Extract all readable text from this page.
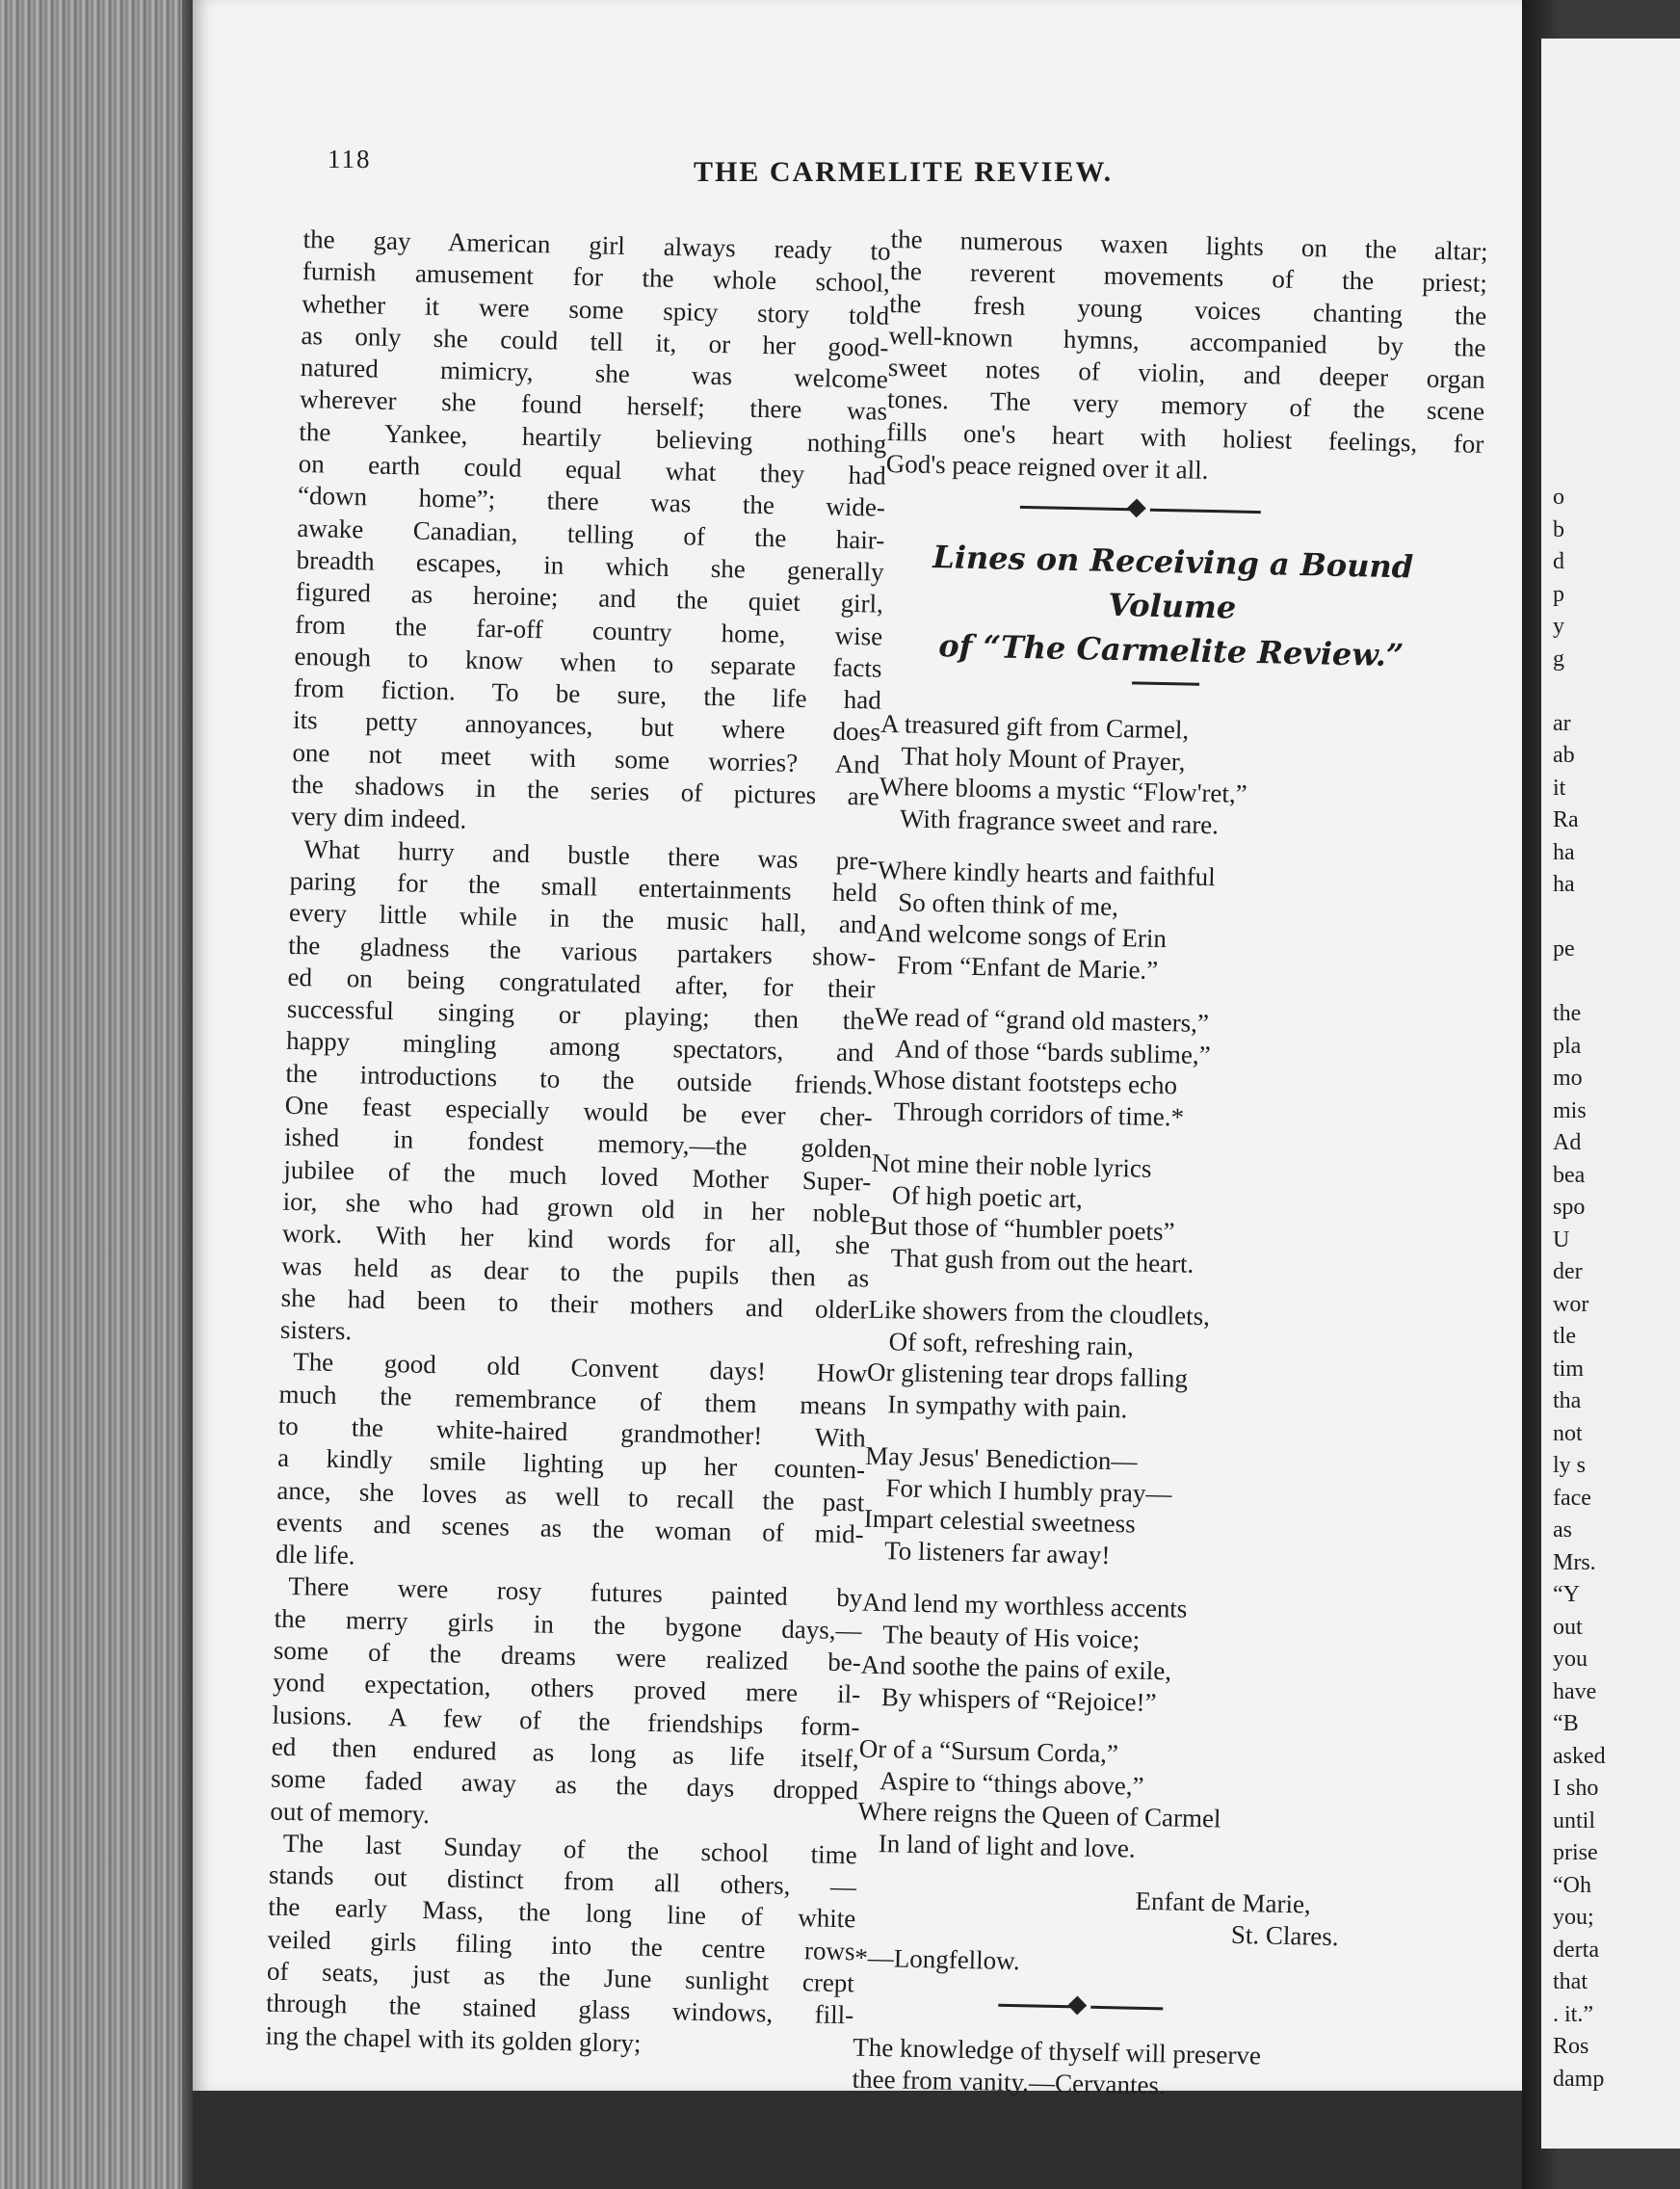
118	THE CARMELITE REVIEW.
the gay American girl always ready to
furnish amusement for the whole school,
whether it were some spicy story told
as only she could tell it, or her good-
natured mimicry, she was welcome
wherever she found herself; there was
the Yankee, heartily believing nothing
on earth could equal what they had
“down home”; there was the wide-
awake Canadian, telling of the hair-
breadth escapes, in which she generally
figured as heroine; and the quiet girl,
from the far-off country home, wise
enough to know when to separate facts
from fiction. To be sure, the life had
its petty annoyances, but where does
one not meet with some worries? And
the shadows in the series of pictures are
very dim indeed.
What hurry and bustle there was pre-
paring for the small entertainments held
every little while in the music hall, and
the gladness the various partakers show-
ed on being congratulated after, for their
successful singing or playing; then the
happy mingling among spectators, and
the introductions to the outside friends.
One feast especially would be ever cher-
ished in fondest memory,—the golden
jubilee of the much loved Mother Super-
ior, she who had grown old in her noble
work. With her kind words for all, she
was held as dear to the pupils then as
she had been to their mothers and older
sisters.
The good old Convent days! How
much the remembrance of them means
to the white-haired grandmother! With
a kindly smile lighting up her counten-
ance, she loves as well to recall the past
events and scenes as the woman of mid-
dle life.
There were rosy futures painted by
the merry girls in the bygone days,—
some of the dreams were realized be-
yond expectation, others proved mere il-
lusions. A few of the friendships form-
ed then endured as long as life itself,
some faded away as the days dropped
out of memory.
The last Sunday of the school time
stands out distinct from all others, —
the early Mass, the long line of white
veiled girls filing into the centre rows
of seats, just as the June sunlight crept
through the stained glass windows, fill-
ing the chapel with its golden glory;
the numerous waxen lights on the altar;
the reverent movements of the priest;
the fresh young voices chanting the
well-known hymns, accompanied by the
sweet notes of violin, and deeper organ
tones. The very memory of the scene
fills one's heart with holiest feelings, for
God's peace reigned over it all.
Lines on Receiving a Bound Volume
of “The Carmelite Review.”
A treasured gift from Carmel,
That holy Mount of Prayer,
Where blooms a mystic “Flow'ret,”
With fragrance sweet and rare.
Where kindly hearts and faithful
So often think of me,
And welcome songs of Erin
From “Enfant de Marie.”
We read of “grand old masters,”
And of those “bards sublime,”
Whose distant footsteps echo
Through corridors of time.*
Not mine their noble lyrics
Of high poetic art,
But those of “humbler poets”
That gush from out the heart.
Like showers from the cloudlets,
Of soft, refreshing rain,
Or glistening tear drops falling
In sympathy with pain.
May Jesus' Benediction—
For which I humbly pray—
Impart celestial sweetness
To listeners far away!
And lend my worthless accents
The beauty of His voice;
And soothe the pains of exile,
By whispers of “Rejoice!”
Or of a “Sursum Corda,”
Aspire to “things above,”
Where reigns the Queen of Carmel
In land of light and love.
Enfant de Marie,
St. Clares.
*—Longfellow.
The knowledge of thyself will preserve
thee from vanity.—Cervantes.
o
b
d
p
y
g
ar
ab
it
Ra
ha
ha
pe
the
pla
mo
mis
Ad
bea
spo
U
der
wor
tle
tim
tha
not
ly s
face
as
Mrs.
“Y
out
you
have
“B
asked
I sho
until
prise
“Oh
you;
derta
that
. it.”
Ros
damp
